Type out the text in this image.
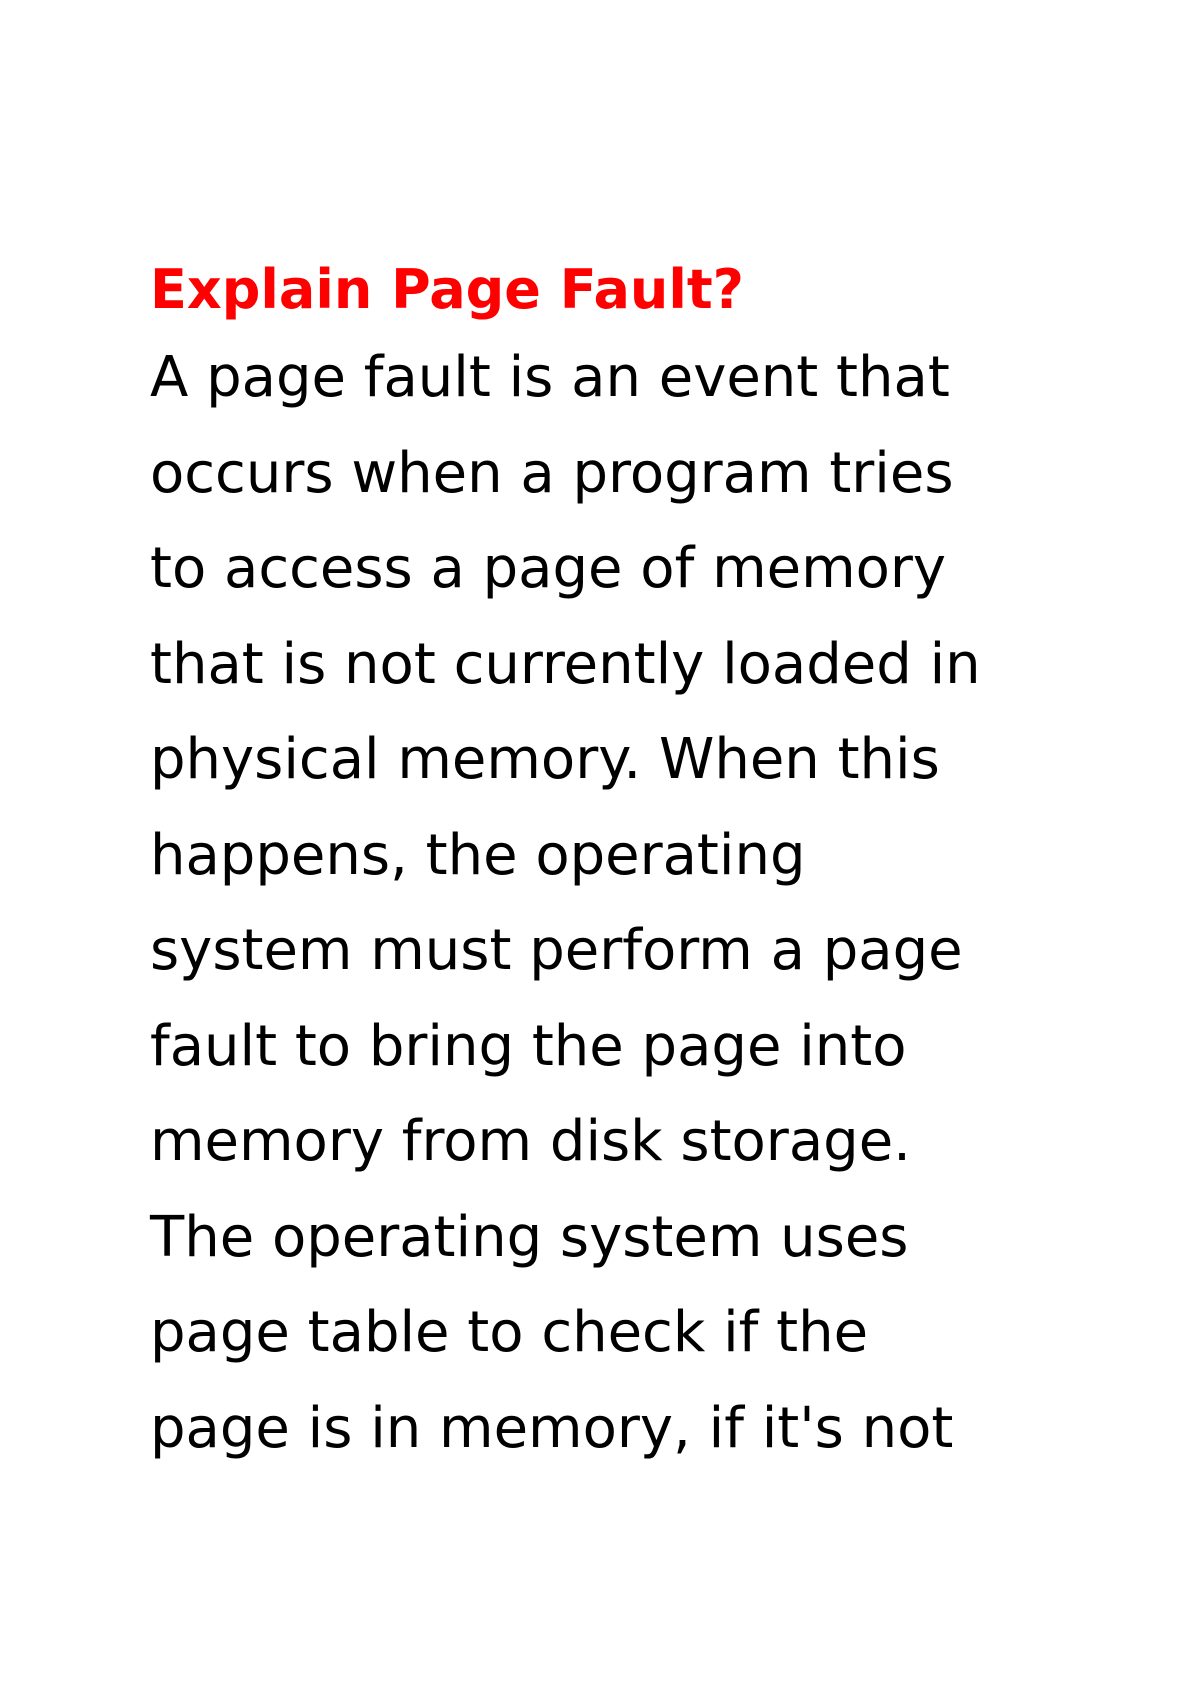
Explain Page Fault?

A page fault is an event that
occurs when a program tries
to access a page of memory
that is not currently loaded in
physical memory. When this
happens, the operating
system must perform a page
fault to bring the page into
memory from disk storage.
The operating system uses
page table to check if the
page is in memory, if it's not
